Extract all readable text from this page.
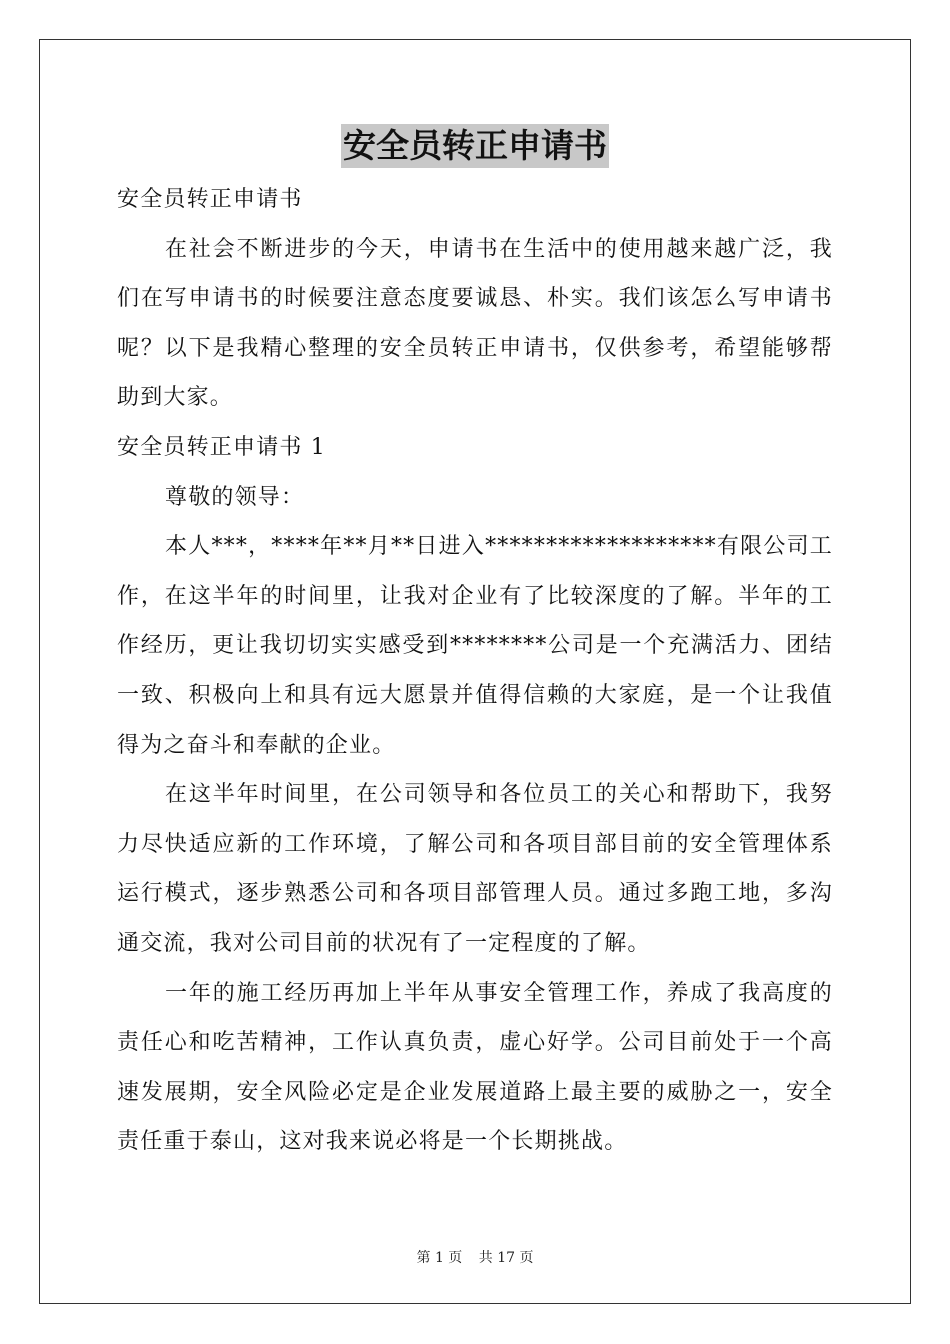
安全员转正申请书

安全员转正申请书

在社会不断进步的今天，申请书在生活中的使用越来越广泛，我们在写申请书的时候要注意态度要诚恳、朴实。我们该怎么写申请书呢？以下是我精心整理的安全员转正申请书，仅供参考，希望能够帮助到大家。

安全员转正申请书 1

尊敬的领导：

本人***，****年**月**日进入*******************有限公司工作，在这半年的时间里，让我对企业有了比较深度的了解。半年的工作经历，更让我切切实实感受到********公司是一个充满活力、团结一致、积极向上和具有远大愿景并值得信赖的大家庭，是一个让我值得为之奋斗和奉献的企业。

在这半年时间里，在公司领导和各位员工的关心和帮助下，我努力尽快适应新的工作环境，了解公司和各项目部目前的安全管理体系运行模式，逐步熟悉公司和各项目部管理人员。通过多跑工地，多沟通交流，我对公司目前的状况有了一定程度的了解。

一年的施工经历再加上半年从事安全管理工作，养成了我高度的责任心和吃苦精神，工作认真负责，虚心好学。公司目前处于一个高速发展期，安全风险必定是企业发展道路上最主要的威胁之一，安全责任重于泰山，这对我来说必将是一个长期挑战。

第 1 页 共 17 页
